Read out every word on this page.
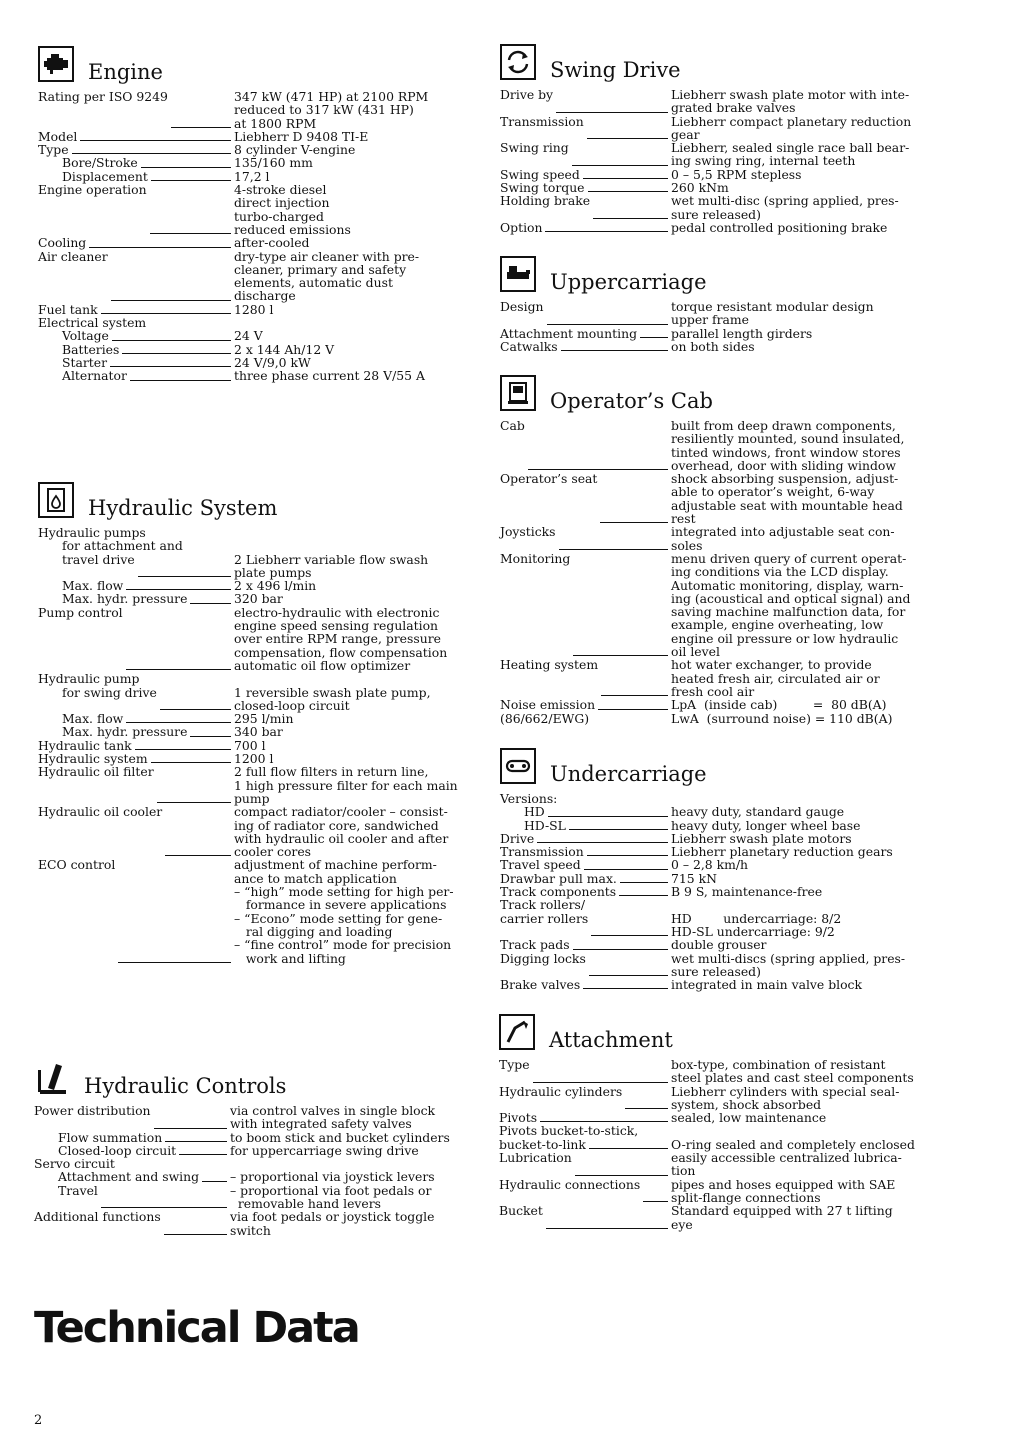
Engine
Rating per ISO 9249	347 kW (471 HP) at 2100 RPM
reduced to 317 kW (431 HP)
at 1800 RPM
Model	Liebherr D 9408 TI-E
Type	8 cylinder V-engine
Bore/Stroke	135/160 mm
Displacement	17,2 l
Engine operation	4-stroke diesel
direct injection
turbo-charged
reduced emissions
Cooling	after-cooled
Air cleaner	dry-type air cleaner with pre-
cleaner, primary and safety
elements, automatic dust
discharge
Fuel tank	1280 l
Electrical system
Voltage	24 V
Batteries	2 x 144 Ah/12 V
Starter	24 V/9,0 kW
Alternator	three phase current 28 V/55 A
Hydraulic System
Hydraulic pumps
for attachment and
travel drive	2 Liebherr variable flow swash
plate pumps
Max. flow	2 x 496 l/min
Max. hydr. pressure	320 bar
Pump control	electro-hydraulic with electronic
engine speed sensing regulation
over entire RPM range, pressure
compensation, flow compensation
automatic oil flow optimizer
Hydraulic pump
for swing drive	1 reversible swash plate pump,
closed-loop circuit
Max. flow	295 l/min
Max. hydr. pressure	340 bar
Hydraulic tank	700 l
Hydraulic system	1200 l
Hydraulic oil filter	2 full flow filters in return line,
1 high pressure filter for each main
pump
Hydraulic oil cooler	compact radiator/cooler – consist-
ing of radiator core, sandwiched
with hydraulic oil cooler and after
cooler cores
ECO control	adjustment of machine perform-
ance to match application
– “high” mode setting for high per-
formance in severe applications
– “Econo” mode setting for gene-
ral digging and loading
– “fine control” mode for precision
work and lifting
Hydraulic Controls
Power distribution	via control valves in single block
with integrated safety valves
Flow summation	to boom stick and bucket cylinders
Closed-loop circuit	for uppercarriage swing drive
Servo circuit
Attachment and swing	– proportional via joystick levers
Travel	– proportional via foot pedals or
removable hand levers
Additional functions	via foot pedals or joystick toggle
switch
Swing Drive
Drive by	Liebherr swash plate motor with inte-
grated brake valves
Transmission	Liebherr compact planetary reduction
gear
Swing ring	Liebherr, sealed single race ball bear-
ing swing ring, internal teeth
Swing speed	0 – 5,5 RPM stepless
Swing torque	260 kNm
Holding brake	wet multi-disc (spring applied, pres-
sure released)
Option	pedal controlled positioning brake
Uppercarriage
Design	torque resistant modular design
upper frame
Attachment mounting	parallel length girders
Catwalks	on both sides
Operator’s Cab
Cab	built from deep drawn components,
resiliently mounted, sound insulated,
tinted windows, front window stores
overhead, door with sliding window
Operator’s seat	shock absorbing suspension, adjust-
able to operator’s weight, 6-way
adjustable seat with mountable head
rest
Joysticks	integrated into adjustable seat con-
soles
Monitoring	menu driven query of current operat-
ing conditions via the LCD display.
Automatic monitoring, display, warn-
ing (acoustical and optical signal) and
saving machine malfunction data, for
example, engine overheating, low
engine oil pressure or low hydraulic
oil level
Heating system	hot water exchanger, to provide
heated fresh air, circulated air or
fresh cool air
Noise emission	LpA  (inside cab)         =  80 dB(A)
(86/662/EWG)	LwA  (surround noise) = 110 dB(A)
Undercarriage
Versions:
HD	heavy duty, standard gauge
HD-SL	heavy duty, longer wheel base
Drive	Liebherr swash plate motors
Transmission	Liebherr planetary reduction gears
Travel speed	0 – 2,8 km/h
Drawbar pull max.	715 kN
Track components	B 9 S, maintenance-free
Track rollers/
carrier rollers	HD        undercarriage: 8/2
HD-SL undercarriage: 9/2
Track pads	double grouser
Digging locks	wet multi-discs (spring applied, pres-
sure released)
Brake valves	integrated in main valve block
Attachment
Type	box-type, combination of resistant
steel plates and cast steel components
Hydraulic cylinders	Liebherr cylinders with special seal-
system, shock absorbed
Pivots	sealed, low maintenance
Pivots bucket-to-stick,
bucket-to-link	O-ring sealed and completely enclosed
Lubrication	easily accessible centralized lubrica-
tion
Hydraulic connections	pipes and hoses equipped with SAE
split-flange connections
Bucket	Standard equipped with 27 t lifting
eye
Technical Data
2
